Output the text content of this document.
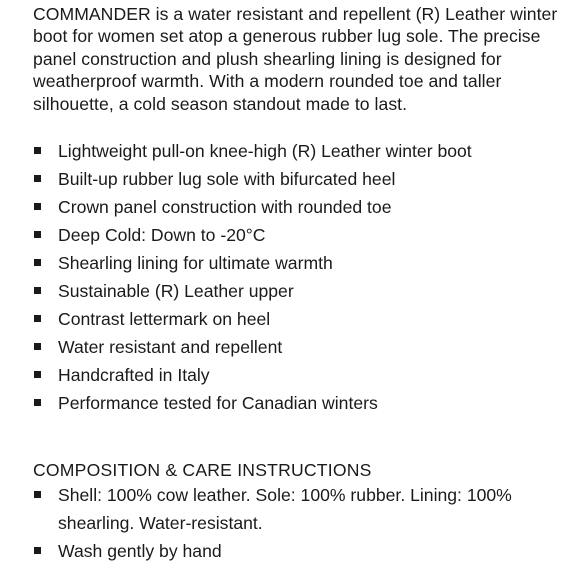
COMMANDER is a water resistant and repellent (R) Leather winter boot for women set atop a generous rubber lug sole. The precise panel construction and plush shearling lining is designed for weatherproof warmth. With a modern rounded toe and taller silhouette, a cold season standout made to last.

Lightweight pull-on knee-high (R) Leather winter boot
Built-up rubber lug sole with bifurcated heel
Crown panel construction with rounded toe
Deep Cold: Down to -20°C
Shearling lining for ultimate warmth
Sustainable (R) Leather upper
Contrast lettermark on heel
Water resistant and repellent
Handcrafted in Italy
Performance tested for Canadian winters
COMPOSITION & CARE INSTRUCTIONS
Shell: 100% cow leather. Sole: 100% rubber. Lining: 100% shearling. Water-resistant.
Wash gently by hand
